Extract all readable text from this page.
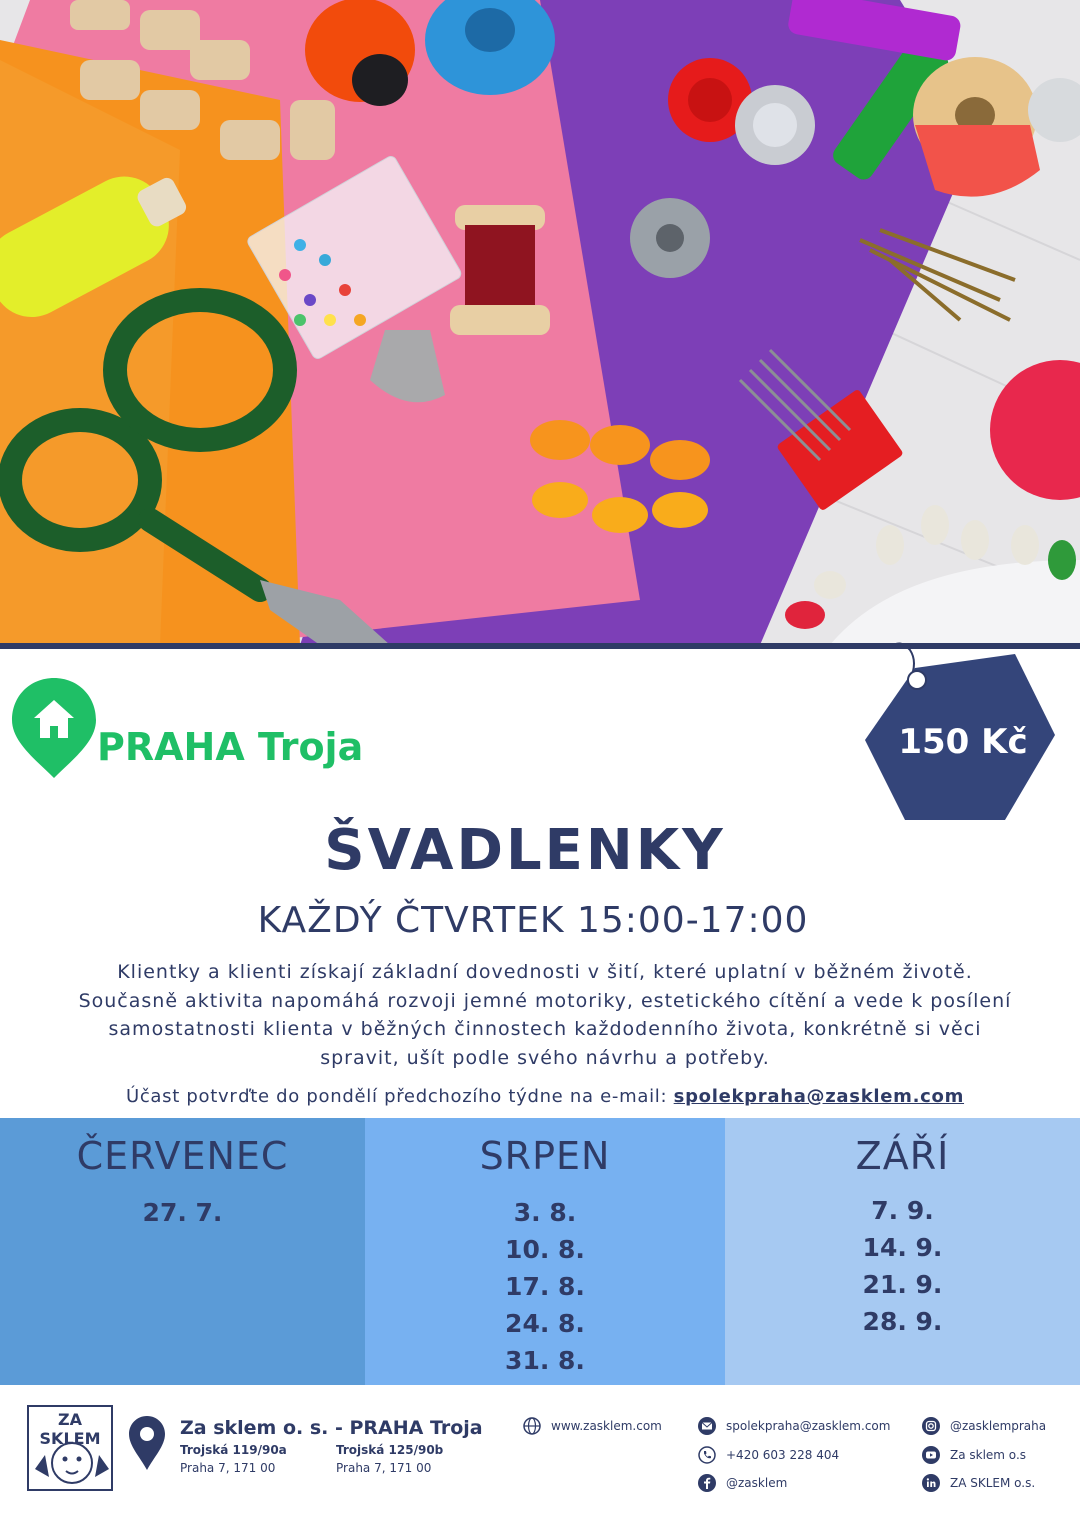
PRAHA Troja	150 Kč
ŠVADLENKY
KAŽDÝ ČTVRTEK 15:00-17:00

Klientky a klienti získají základní dovednosti v šití, které uplatní v běžném životě. Současně aktivita napomáhá rozvoji jemné motoriky, estetického cítění a vede k posílení samostatnosti klienta v běžných činnostech každodenního života, konkrétně si věci spravit, ušít podle svého návrhu a potřeby.

Účast potvrďte do pondělí předchozího týdne na e-mail: spolekpraha@zasklem.com

ČERVENEC
27. 7.
SRPEN
3. 8.
10. 8.
17. 8.
24. 8.
31. 8.
ZÁŘÍ
7. 9.
14. 9.
21. 9.
28. 9.
ZA SKLEM	Za sklem o. s. - PRAHA Troja
Trojská 119/90a
Praha 7, 171 00
Trojská 125/90b
Praha 7, 171 00
www.zasklem.com	spolekpraha@zasklem.com
+420 603 228 404
@zasklem
@zasklempraha
Za sklem o.s
ZA SKLEM o.s.
